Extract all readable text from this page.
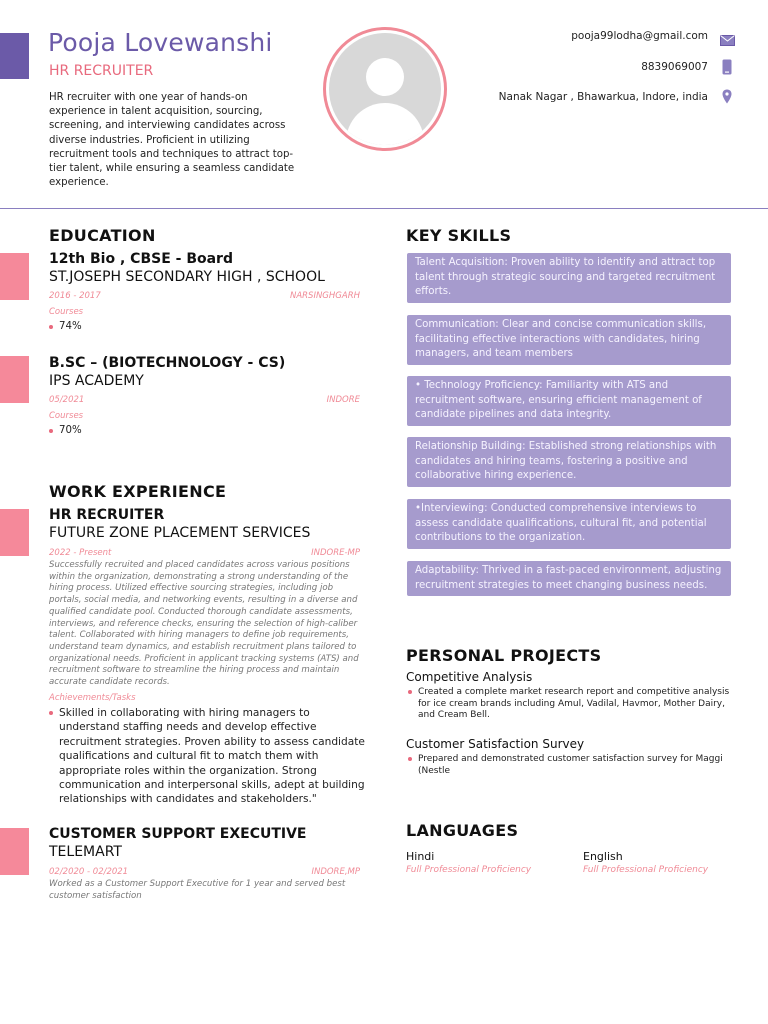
Pooja Lovewanshi
HR RECRUITER
HR recruiter with one year of hands-on experience in talent acquisition, sourcing, screening, and interviewing candidates across diverse industries. Proficient in utilizing recruitment tools and techniques to attract top-tier talent, while ensuring a seamless candidate experience.
pooja99lodha@gmail.com
8839069007
Nanak Nagar , Bhawarkua, Indore, india
EDUCATION
12th Bio , CBSE - Board
ST.JOSEPH SECONDARY HIGH , SCHOOL
2016 - 2017	NARSINGHGARH
Courses
74%
B.SC – (BIOTECHNOLOGY - CS)
IPS ACADEMY
05/2021	INDORE
Courses
70%
WORK EXPERIENCE
HR RECRUITER
FUTURE ZONE PLACEMENT SERVICES
2022 - Present	INDORE-MP
Successfully recruited and placed candidates across various positions within the organization, demonstrating a strong understanding of the hiring process. Utilized effective sourcing strategies, including job portals, social media, and networking events, resulting in a diverse and qualified candidate pool. Conducted thorough candidate assessments, interviews, and reference checks, ensuring the selection of high-caliber talent. Collaborated with hiring managers to define job requirements, understand team dynamics, and establish recruitment plans tailored to organizational needs. Proficient in applicant tracking systems (ATS) and recruitment software to streamline the hiring process and maintain accurate candidate records.
Achievements/Tasks
Skilled in collaborating with hiring managers to understand staffing needs and develop effective recruitment strategies. Proven ability to assess candidate qualifications and cultural fit to match them with appropriate roles within the organization. Strong communication and interpersonal skills, adept at building relationships with candidates and stakeholders."
CUSTOMER SUPPORT EXECUTIVE
TELEMART
02/2020 - 02/2021	INDORE,MP
Worked as a Customer Support Executive for 1 year and served best customer satisfaction
KEY SKILLS
Talent Acquisition: Proven ability to identify and attract top talent through strategic sourcing and targeted recruitment efforts.
Communication: Clear and concise communication skills, facilitating effective interactions with candidates, hiring managers, and team members
• Technology Proficiency: Familiarity with ATS and recruitment software, ensuring efficient management of candidate pipelines and data integrity.
Relationship Building: Established strong relationships with candidates and hiring teams, fostering a positive and collaborative hiring experience.
•Interviewing: Conducted comprehensive interviews to assess candidate qualifications, cultural fit, and potential contributions to the organization.
Adaptability: Thrived in a fast-paced environment, adjusting recruitment strategies to meet changing business needs.
PERSONAL PROJECTS
Competitive Analysis
Created a complete market research report and competitive analysis for ice cream brands including Amul, Vadilal, Havmor, Mother Dairy, and Cream Bell.
Customer Satisfaction Survey
Prepared and demonstrated customer satisfaction survey for Maggi (Nestle
LANGUAGES
Hindi
Full Professional Proficiency
English
Full Professional Proficiency
